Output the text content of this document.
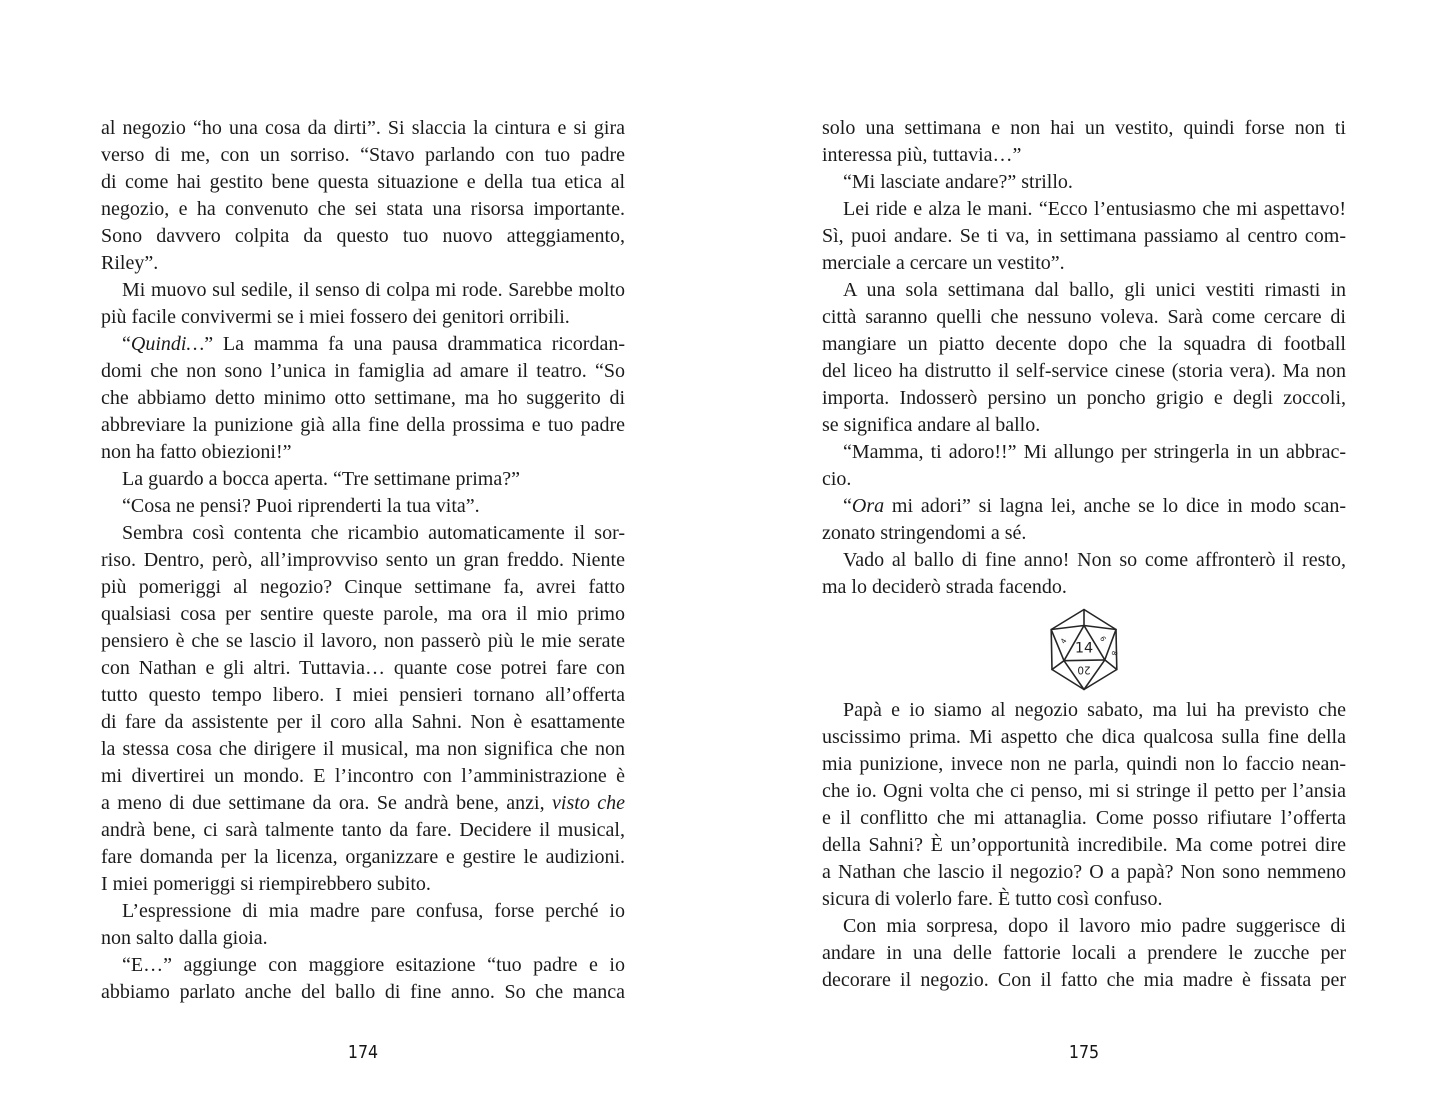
al negozio “ho una cosa da dirti”. Si slaccia la cintura e si gira
verso di me, con un sorriso. “Stavo parlando con tuo padre
di come hai gestito bene questa situazione e della tua etica al
negozio, e ha convenuto che sei stata una risorsa importante.
Sono davvero colpita da questo tuo nuovo atteggiamento,
Riley”.

Mi muovo sul sedile, il senso di colpa mi rode. Sarebbe molto
più facile convivermi se i miei fossero dei genitori orribili.

“Quindi…” La mamma fa una pausa drammatica ricordan-
domi che non sono l’unica in famiglia ad amare il teatro. “So
che abbiamo detto minimo otto settimane, ma ho suggerito di
abbreviare la punizione già alla fine della prossima e tuo padre
non ha fatto obiezioni!”

La guardo a bocca aperta. “Tre settimane prima?”

“Cosa ne pensi? Puoi riprenderti la tua vita”.

Sembra così contenta che ricambio automaticamente il sor-
riso. Dentro, però, all’improvviso sento un gran freddo. Niente
più pomeriggi al negozio? Cinque settimane fa, avrei fatto
qualsiasi cosa per sentire queste parole, ma ora il mio primo
pensiero è che se lascio il lavoro, non passerò più le mie serate
con Nathan e gli altri. Tuttavia… quante cose potrei fare con
tutto questo tempo libero. I miei pensieri tornano all’offerta
di fare da assistente per il coro alla Sahni. Non è esattamente
la stessa cosa che dirigere il musical, ma non significa che non
mi divertirei un mondo. E l’incontro con l’amministrazione è
a meno di due settimane da ora. Se andrà bene, anzi, visto che
andrà bene, ci sarà talmente tanto da fare. Decidere il musical,
fare domanda per la licenza, organizzare e gestire le audizioni.
I miei pomeriggi si riempirebbero subito.

L’espressione di mia madre pare confusa, forse perché io
non salto dalla gioia.

“E…” aggiunge con maggiore esitazione “tuo padre e io
abbiamo parlato anche del ballo di fine anno. So che manca

174

solo una settimana e non hai un vestito, quindi forse non ti
interessa più, tuttavia…”

“Mi lasciate andare?” strillo.

Lei ride e alza le mani. “Ecco l’entusiasmo che mi aspettavo!
Sì, puoi andare. Se ti va, in settimana passiamo al centro com-
merciale a cercare un vestito”.

A una sola settimana dal ballo, gli unici vestiti rimasti in
città saranno quelli che nessuno voleva. Sarà come cercare di
mangiare un piatto decente dopo che la squadra di football
del liceo ha distrutto il self-service cinese (storia vera). Ma non
importa. Indosserò persino un poncho grigio e degli zoccoli,
se significa andare al ballo.

“Mamma, ti adoro!!” Mi allungo per stringerla in un abbrac-
cio.

“Ora mi adori” si lagna lei, anche se lo dice in modo scan-
zonato stringendomi a sé.

Vado al ballo di fine anno! Non so come affronterò il resto,
ma lo deciderò strada facendo.

14
20
4	6
8

Papà e io siamo al negozio sabato, ma lui ha previsto che
uscissimo prima. Mi aspetto che dica qualcosa sulla fine della
mia punizione, invece non ne parla, quindi non lo faccio nean-
che io. Ogni volta che ci penso, mi si stringe il petto per l’ansia
e il conflitto che mi attanaglia. Come posso rifiutare l’offerta
della Sahni? È un’opportunità incredibile. Ma come potrei dire
a Nathan che lascio il negozio? O a papà? Non sono nemmeno
sicura di volerlo fare. È tutto così confuso.

Con mia sorpresa, dopo il lavoro mio padre suggerisce di
andare in una delle fattorie locali a prendere le zucche per
decorare il negozio. Con il fatto che mia madre è fissata per

175
